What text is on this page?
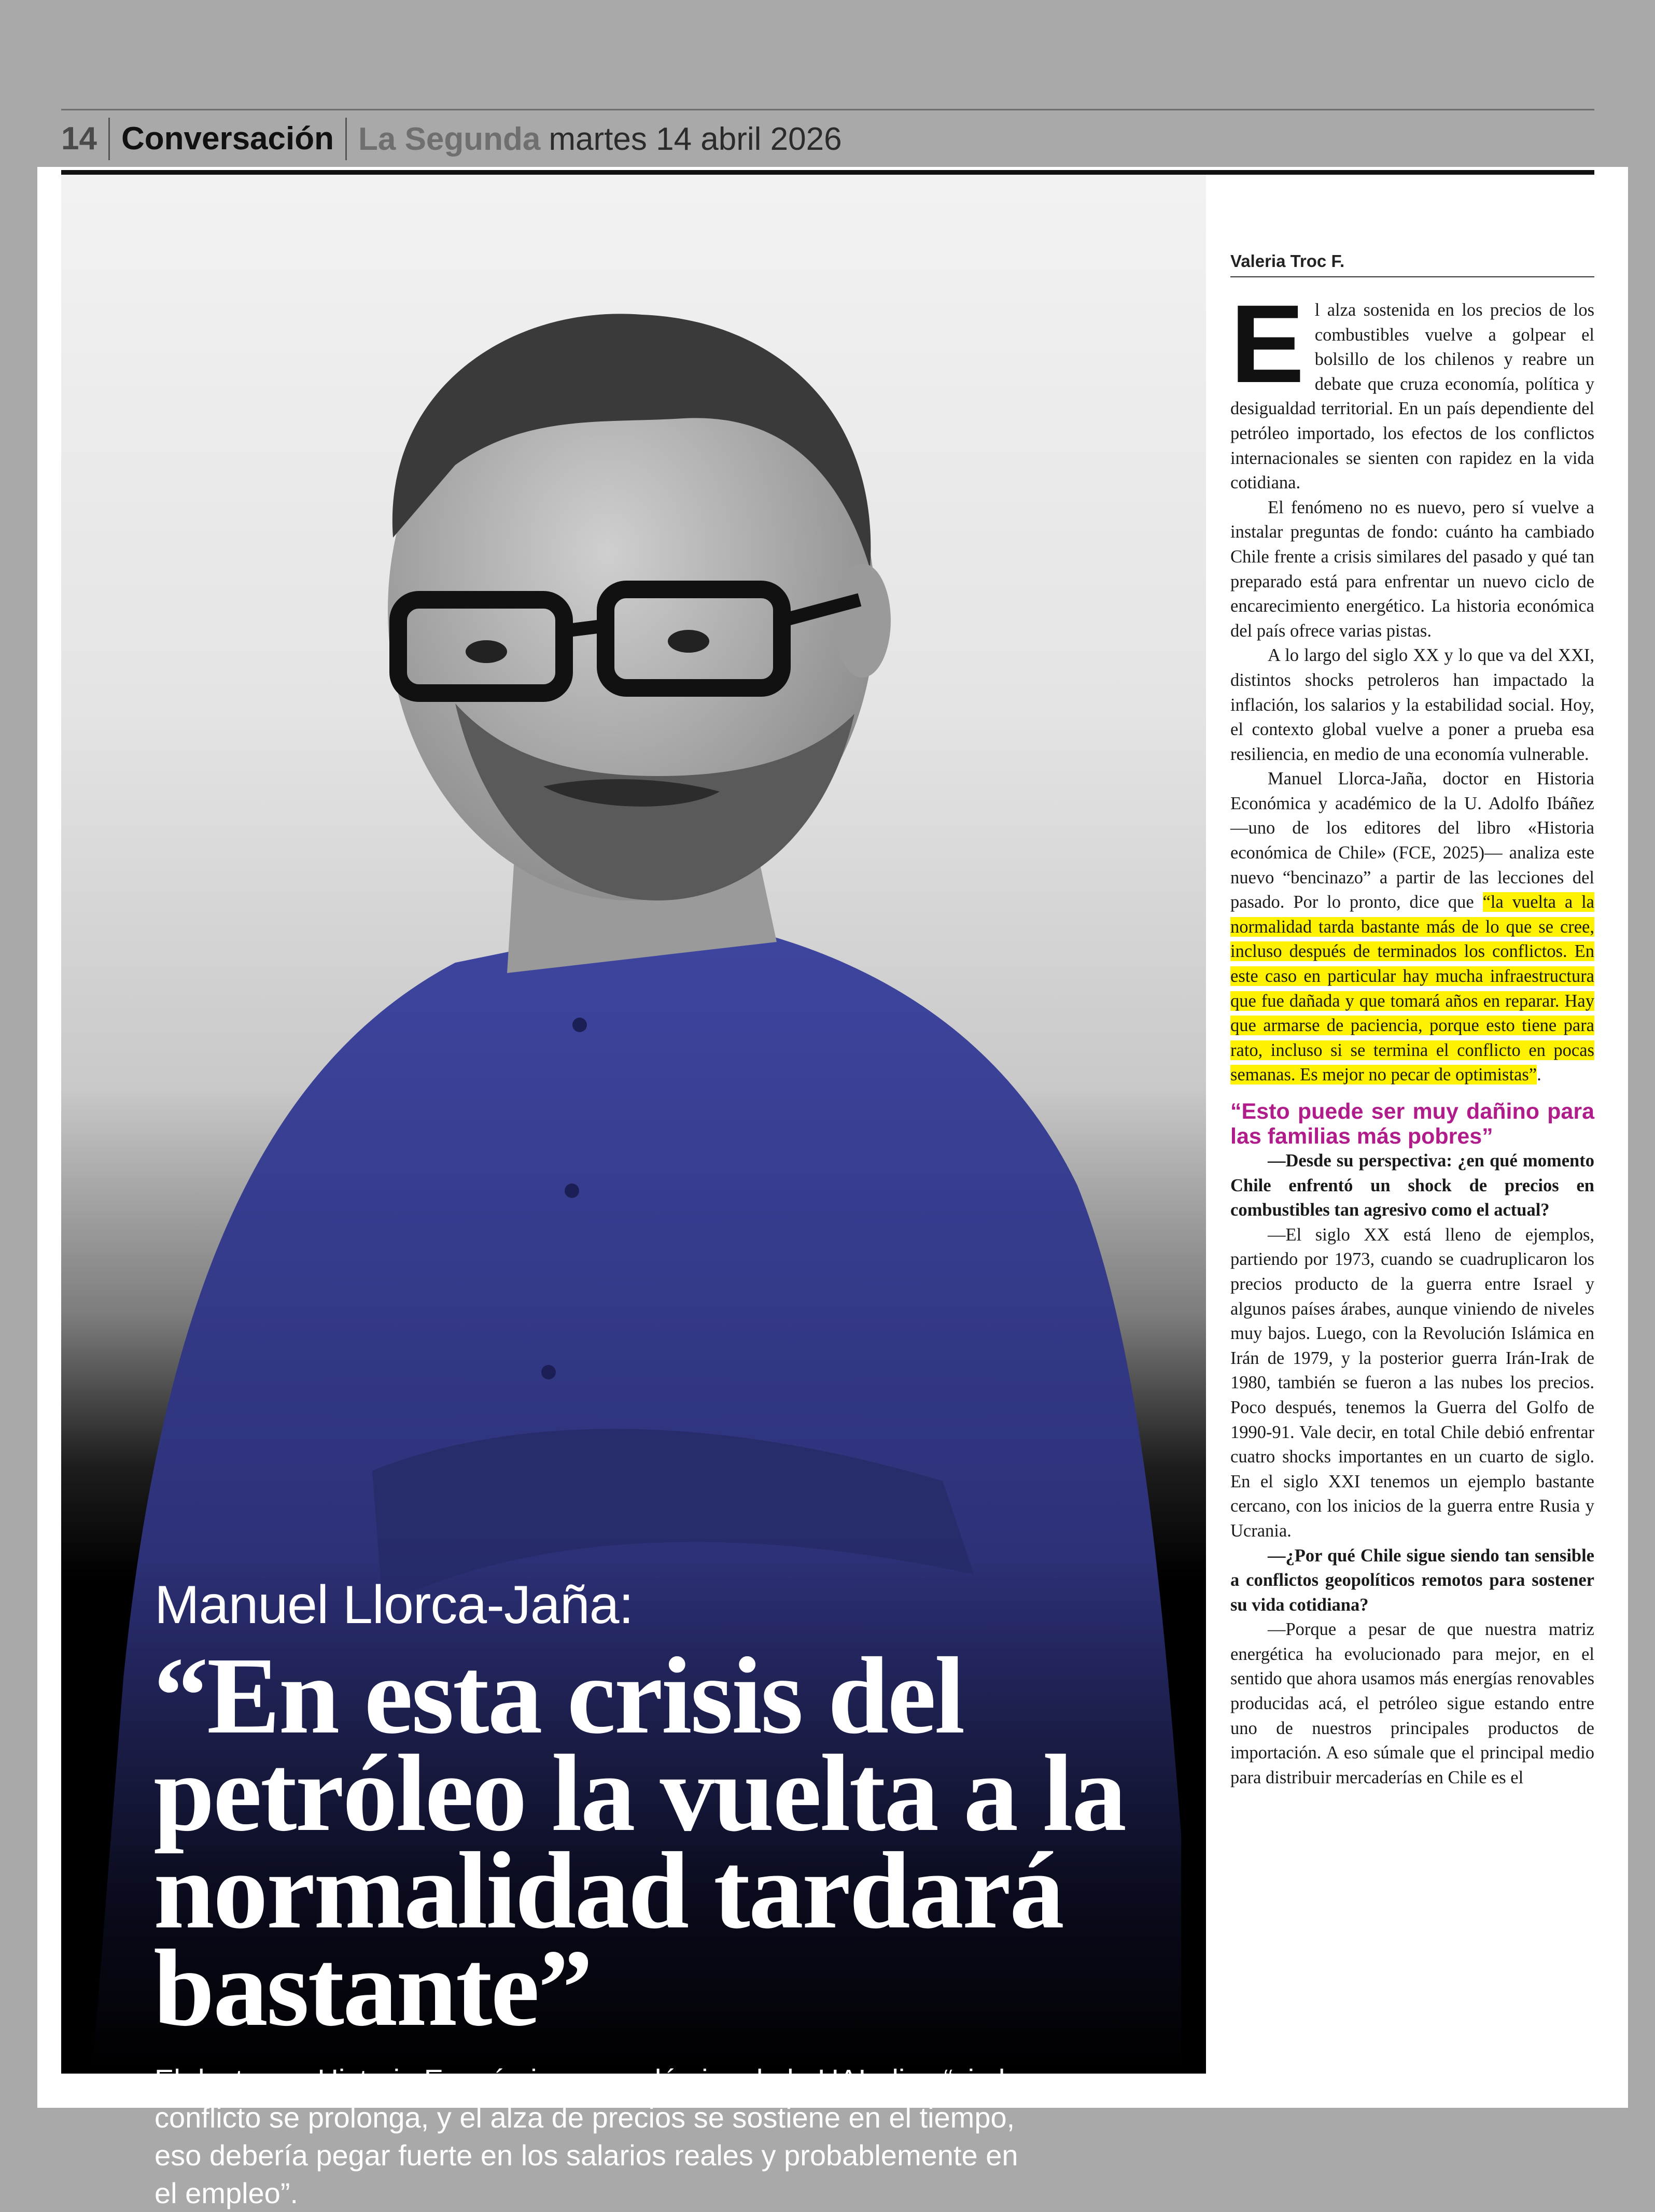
14 Conversación La Segunda martes 14 abril 2026
Manuel Llorca-Jaña:
“En esta crisis del petróleo la vuelta a la normalidad tardará bastante”
El doctor en Historia Económica y académico de la UAI, dice “si el conflicto se prolonga, y el alza de precios se sostiene en el tiempo, eso debería pegar fuerte en los salarios reales y probablemente en el empleo”.
Valeria Troc F.

El alza sostenida en los precios de los combustibles vuelve a golpear el bolsillo de los chilenos y reabre un debate que cruza economía, política y desigualdad territorial. En un país dependiente del petróleo importado, los efectos de los conflictos internacionales se sienten con rapidez en la vida cotidiana.

El fenómeno no es nuevo, pero sí vuelve a instalar preguntas de fondo: cuánto ha cambiado Chile frente a crisis similares del pasado y qué tan preparado está para enfrentar un nuevo ciclo de encarecimiento energético. La historia económica del país ofrece varias pistas.

A lo largo del siglo XX y lo que va del XXI, distintos shocks petroleros han impactado la inflación, los salarios y la estabilidad social. Hoy, el contexto global vuelve a poner a prueba esa resiliencia, en medio de una economía vulnerable.

Manuel Llorca-Jaña, doctor en Historia Económica y académico de la U. Adolfo Ibáñez —uno de los editores del libro «Historia económica de Chile» (FCE, 2025)— analiza este nuevo “bencinazo” a partir de las lecciones del pasado. Por lo pronto, dice que “la vuelta a la normalidad tarda bastante más de lo que se cree, incluso después de terminados los conflictos. En este caso en particular hay mucha infraestructura que fue dañada y que tomará años en reparar. Hay que armarse de paciencia, porque esto tiene para rato, incluso si se termina el conflicto en pocas semanas. Es mejor no pecar de optimistas”.

“Esto puede ser muy dañino para las familias más pobres”

—Desde su perspectiva: ¿en qué momento Chile enfrentó un shock de precios en combustibles tan agresivo como el actual?

—El siglo XX está lleno de ejemplos, partiendo por 1973, cuando se cuadruplicaron los precios producto de la guerra entre Israel y algunos países árabes, aunque viniendo de niveles muy bajos. Luego, con la Revolución Islámica en Irán de 1979, y la posterior guerra Irán-Irak de 1980, también se fueron a las nubes los precios. Poco después, tenemos la Guerra del Golfo de 1990-91. Vale decir, en total Chile debió enfrentar cuatro shocks importantes en un cuarto de siglo. En el siglo XXI tenemos un ejemplo bastante cercano, con los inicios de la guerra entre Rusia y Ucrania.

—¿Por qué Chile sigue siendo tan sensible a conflictos geopolíticos remotos para sostener su vida cotidiana?

—Porque a pesar de que nuestra matriz energética ha evolucionado para mejor, en el sentido que ahora usamos más energías renovables producidas acá, el petróleo sigue estando entre uno de nuestros principales productos de importación. A eso súmale que el principal medio para distribuir mercaderías en Chile es el
